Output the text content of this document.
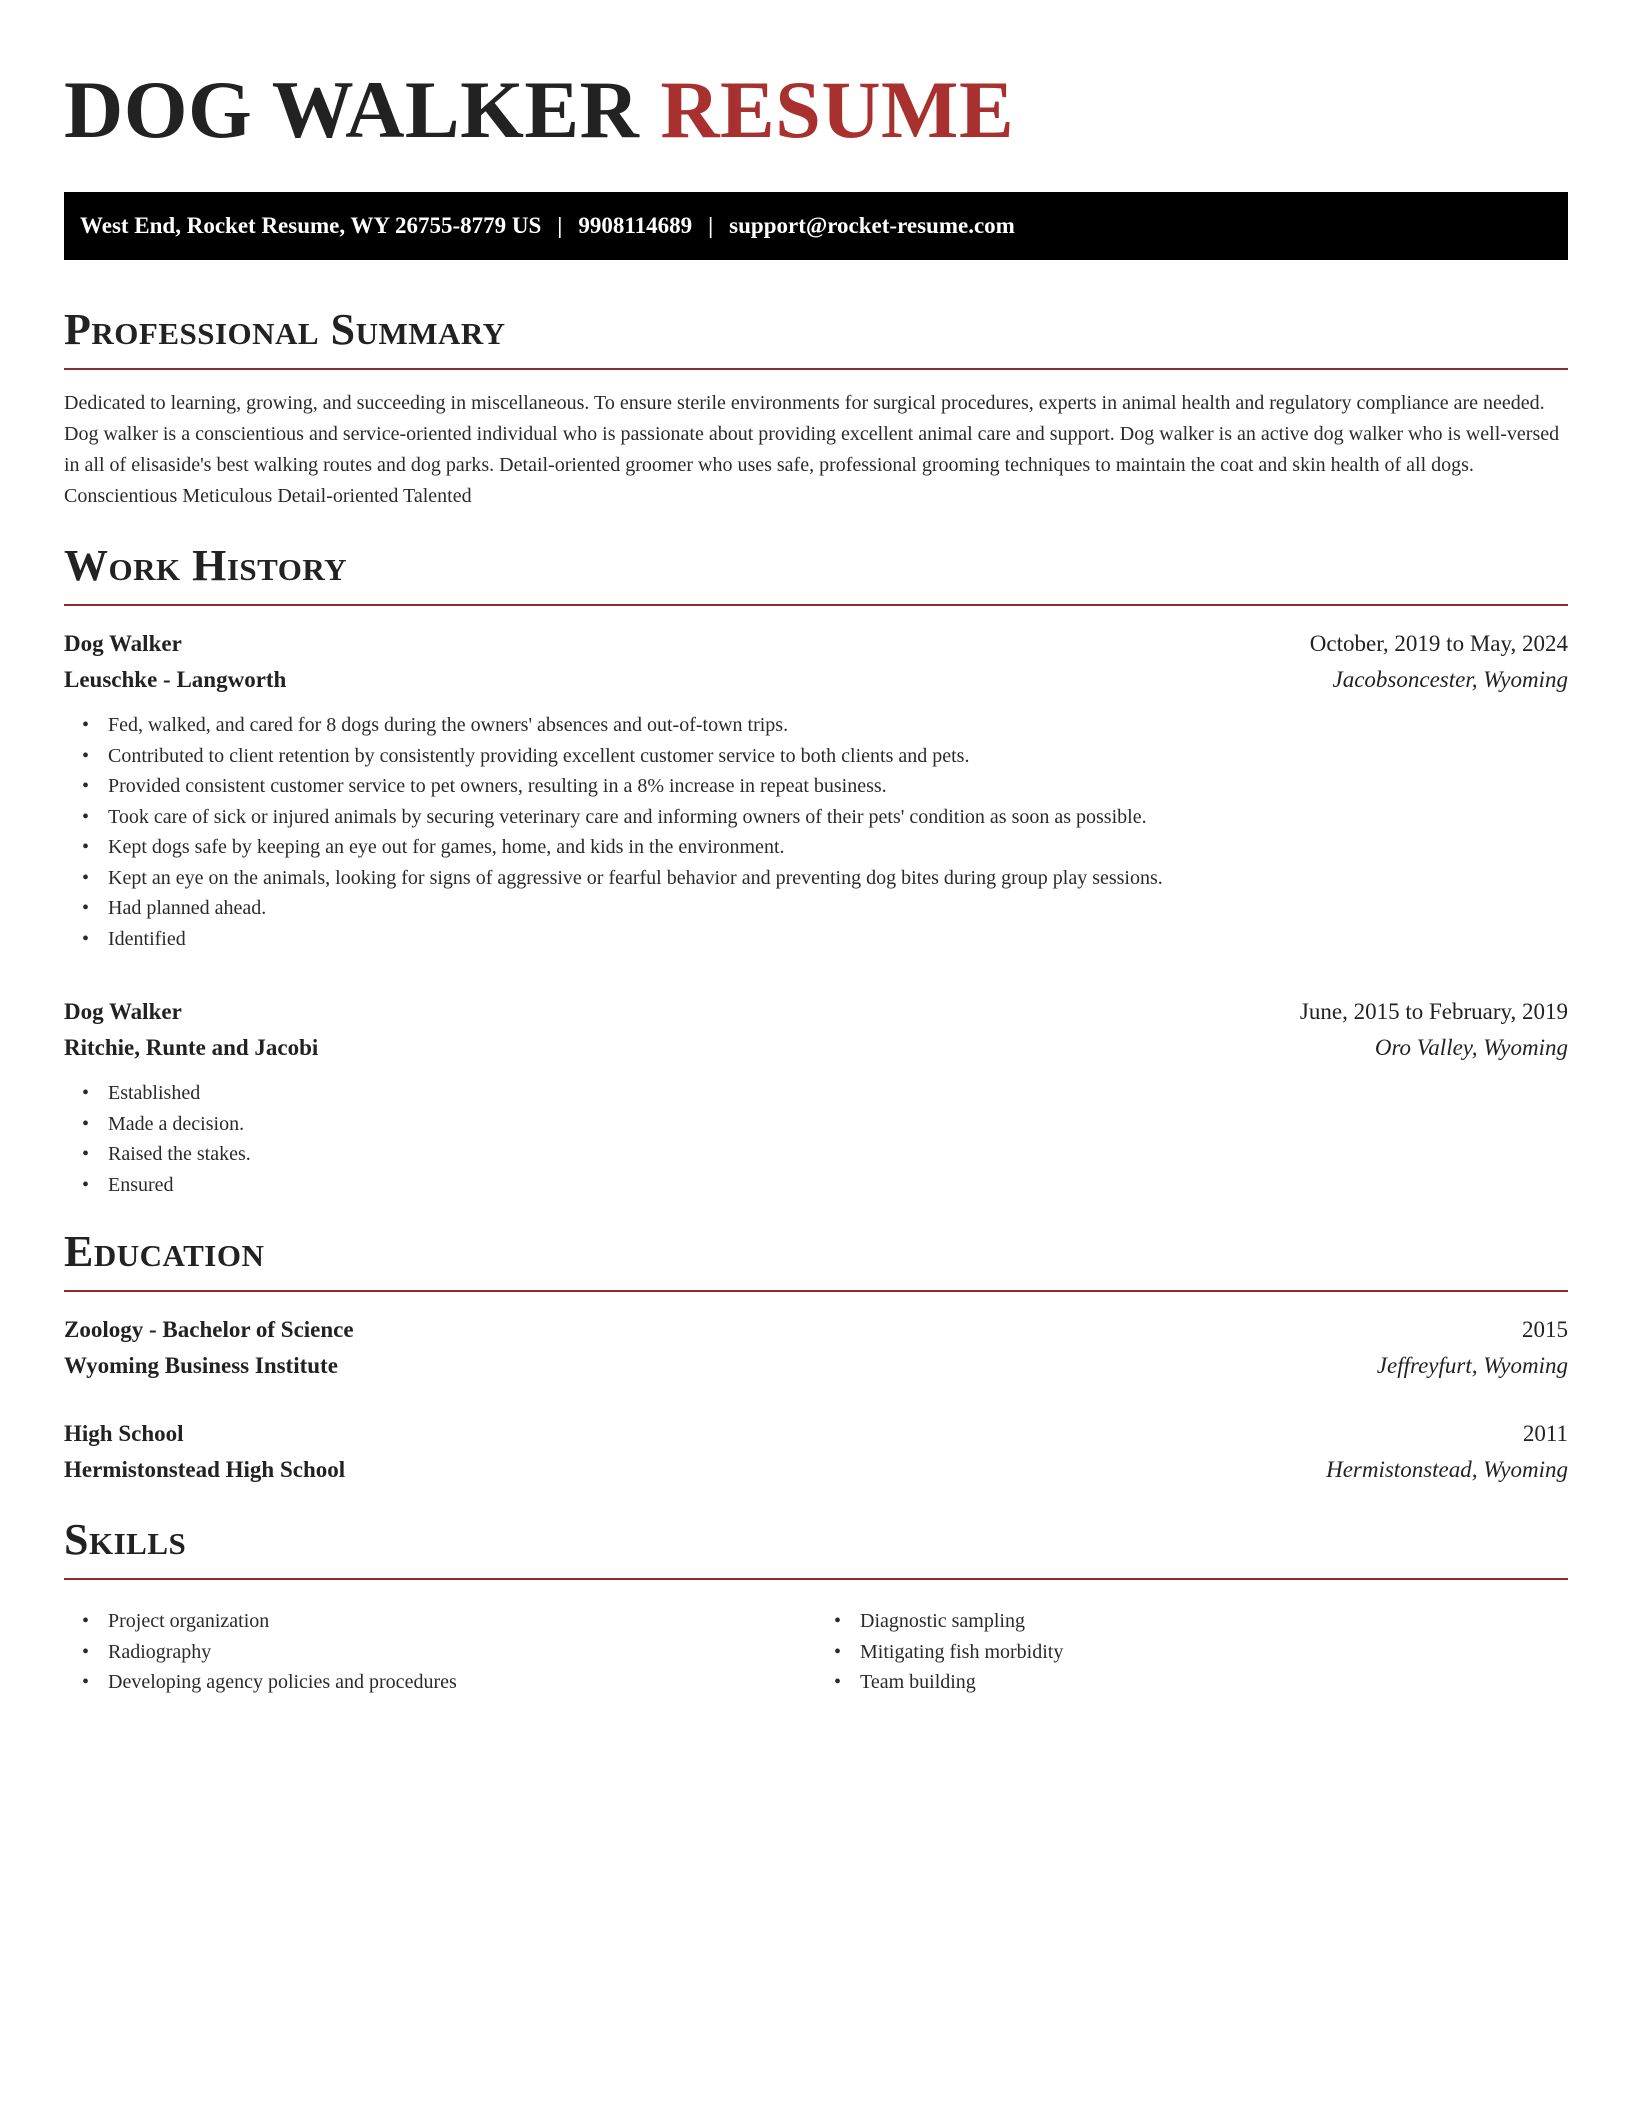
DOG WALKER RESUME
West End, Rocket Resume, WY 26755-8779 US | 9908114689 | support@rocket-resume.com
Professional Summary

Dedicated to learning, growing, and succeeding in miscellaneous. To ensure sterile environments for surgical procedures, experts in animal health and regulatory compliance are needed. Dog walker is a conscientious and service-oriented individual who is passionate about providing excellent animal care and support. Dog walker is an active dog walker who is well-versed in all of elisaside's best walking routes and dog parks. Detail-oriented groomer who uses safe, professional grooming techniques to maintain the coat and skin health of all dogs. Conscientious Meticulous Detail-oriented Talented

Work History
Dog Walker	October, 2019 to May, 2024
Leuschke - Langworth	Jacobsoncester, Wyoming
• Fed, walked, and cared for 8 dogs during the owners' absences and out-of-town trips.
• Contributed to client retention by consistently providing excellent customer service to both clients and pets.
• Provided consistent customer service to pet owners, resulting in a 8% increase in repeat business.
• Took care of sick or injured animals by securing veterinary care and informing owners of their pets' condition as soon as possible.
• Kept dogs safe by keeping an eye out for games, home, and kids in the environment.
• Kept an eye on the animals, looking for signs of aggressive or fearful behavior and preventing dog bites during group play sessions.
• Had planned ahead.
• Identified
Dog Walker	June, 2015 to February, 2019
Ritchie, Runte and Jacobi	Oro Valley, Wyoming
• Established
• Made a decision.
• Raised the stakes.
• Ensured
Education
Zoology - Bachelor of Science	2015
Wyoming Business Institute	Jeffreyfurt, Wyoming
High School	2011
Hermistonstead High School	Hermistonstead, Wyoming
Skills
• Project organization
• Radiography
• Developing agency policies and procedures
• Diagnostic sampling
• Mitigating fish morbidity
• Team building
